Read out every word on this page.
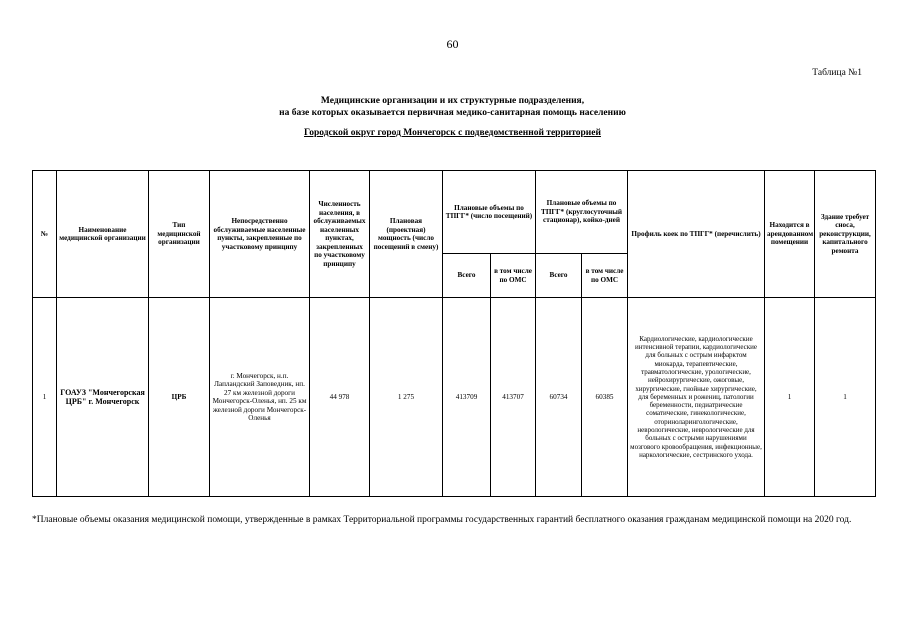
60
Таблица №1
Медицинские организации и их структурные подразделения,
на базе которых оказывается первичная медико-санитарная помощь населению
Городской округ город Мончегорск с подведомственной территорией
№	Наименование медицинской организации	Тип медицинской организации	Непосредственно обслуживаемые населенные пункты, закрепленные по участковому принципу	Численность населения, в обслуживаемых населенных пунктах, закрепленных по участковому принципу	Плановая (проектная) мощность (число посещений в смену)	Плановые объемы по ТПГГ* (число посещений)		Плановые объемы по ТПГГ* (круглосуточный стационар), койко-дней		Профиль коек по ТПГГ* (перечислить)	Находится в арендованном помещении	Здание требует сноса, реконструкции, капитального ремонта
						Всего	в том числе по ОМС	Всего	в том числе по ОМС			
1	ГОАУЗ "Мончегорская ЦРБ" г. Мончегорск	ЦРБ	г. Мончегорск, н.п. Лапландский Заповедник, нп. 27 км железной дороги Мончегорск-Оленья, нп. 25 км железной дороги Мончегорск-Оленья	44 978	1 275	413709	413707	60734	60385	Кардиологические, кардиологические интенсивной терапии, кардиологические для больных с острым инфарктом миокарда, терапевтические, травматологические, урологические, нейрохирургические, ожоговые, хирургические, гнойные хирургические, для беременных и рожениц, патологии беременности, педиатрические соматические, гинекологические, оториноларингологические, неврологические, неврологические для больных с острыми нарушениями мозгового кровообращения, инфекционные, наркологические, сестринского ухода.	1	1
*Плановые объемы оказания медицинской помощи, утвержденные в рамках Территориальной программы государственных гарантий бесплатного оказания гражданам медицинской помощи на 2020 год.
